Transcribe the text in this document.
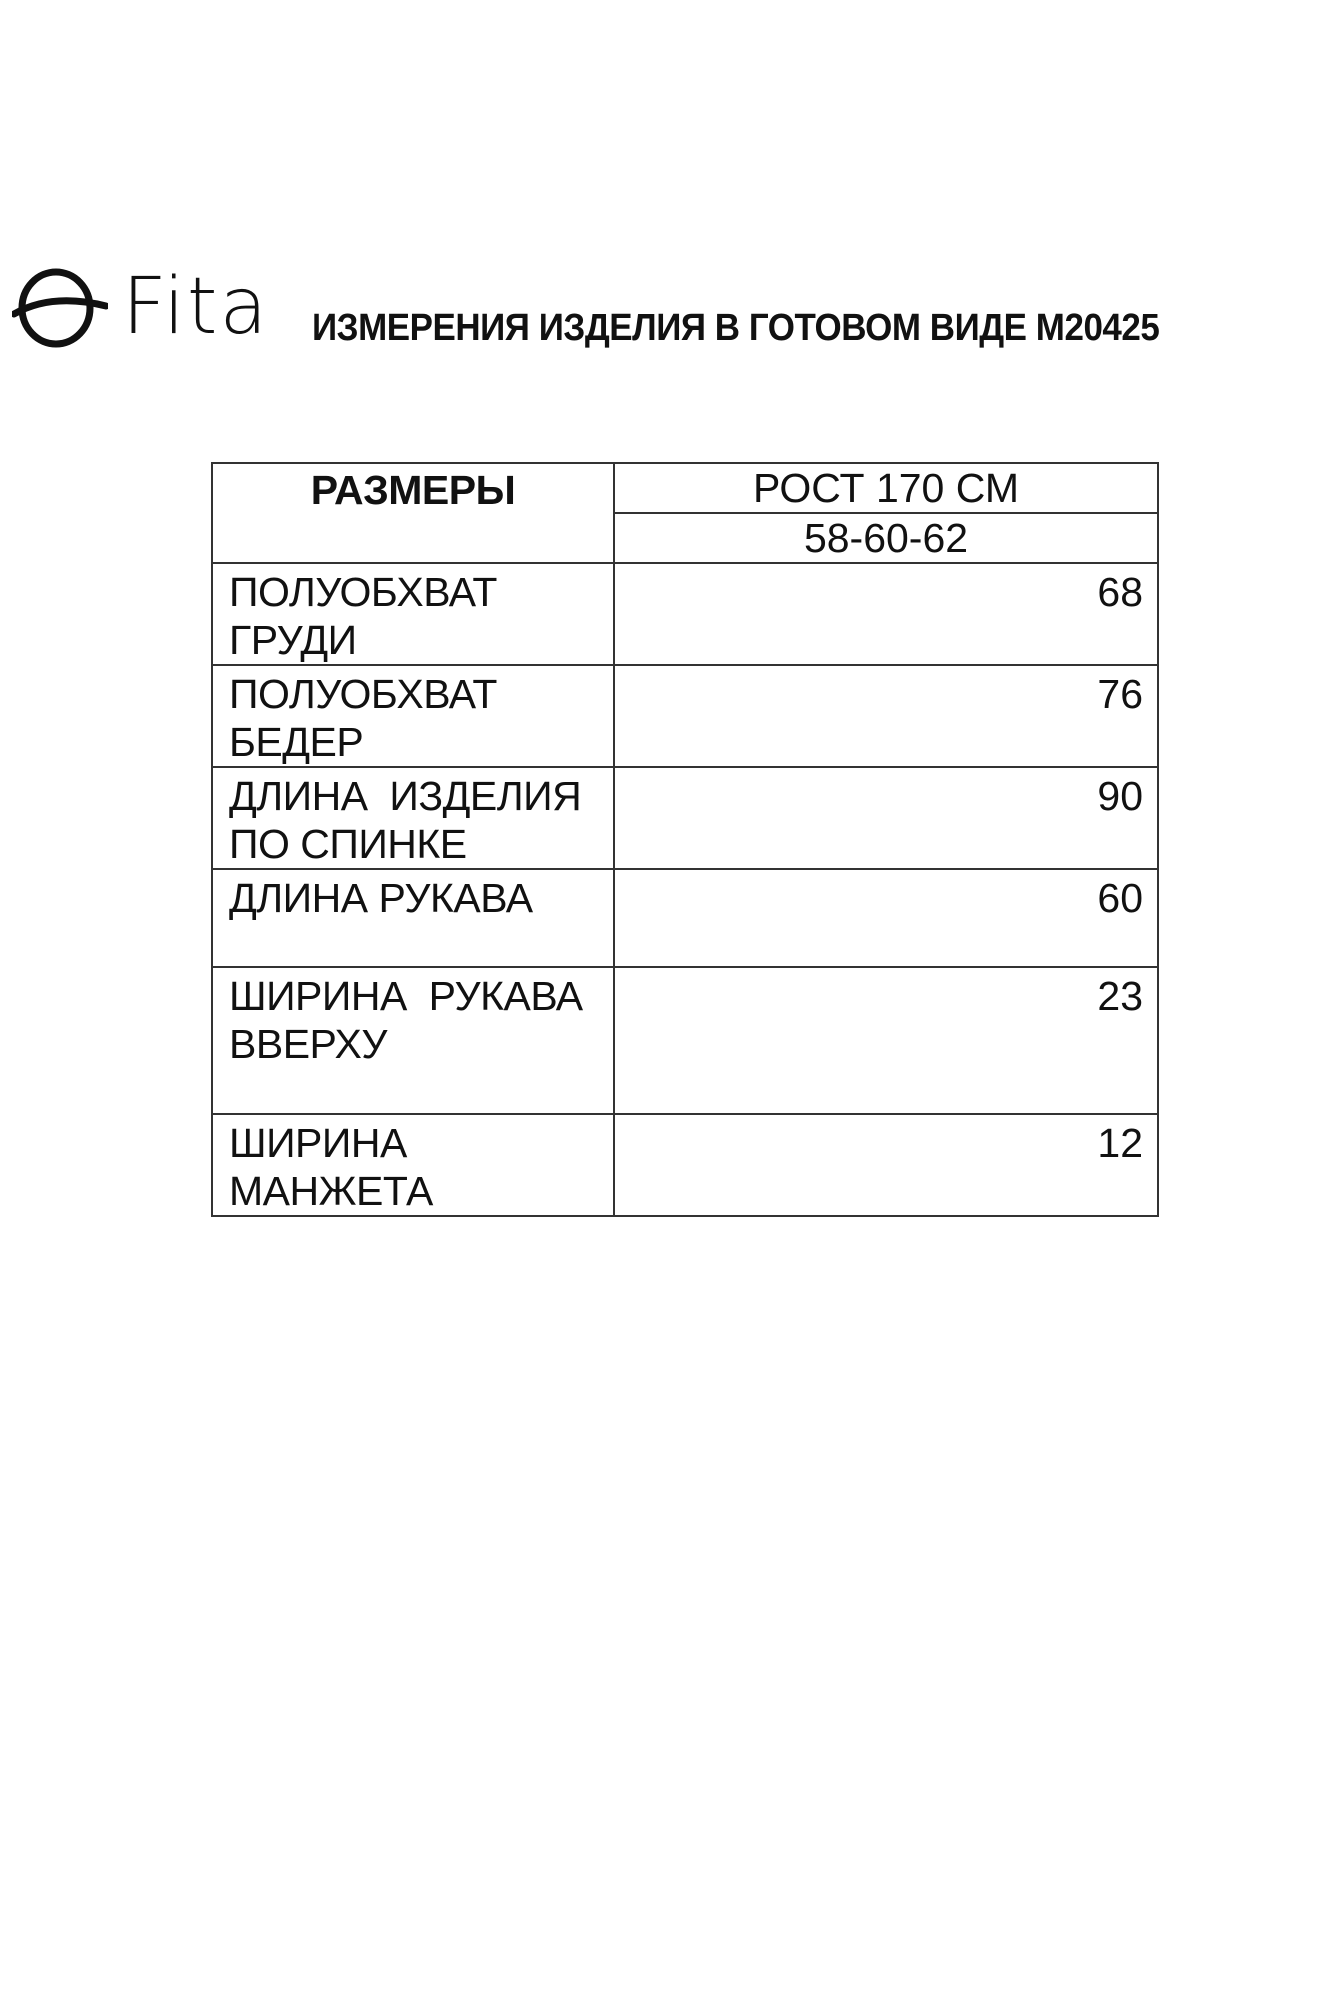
Fita ИЗМЕРЕНИЯ ИЗДЕЛИЯ В ГОТОВОМ ВИДЕ М20425
РАЗМЕРЫ	РОСТ 170 СМ
	58-60-62

ПОЛУОБХВАТ
ГРУДИ	68

ПОЛУОБХВАТ
БЕДЕР	76

ДЛИНА  ИЗДЕЛИЯ
ПО СПИНКЕ	90

ДЛИНА РУКАВА	60

ШИРИНА  РУКАВА
ВВЕРХУ	23

ШИРИНА
МАНЖЕТА	12
